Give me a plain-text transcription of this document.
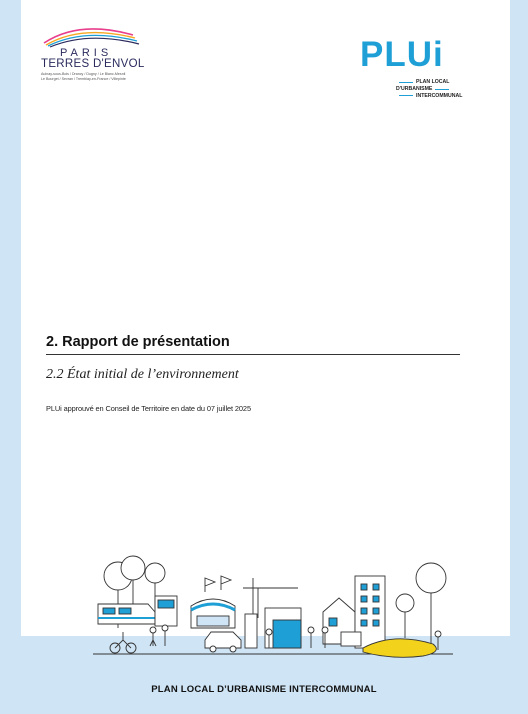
PARIS
TERRES D'ENVOL
Aulnay-sous-Bois / Drancy / Dugny / Le Blanc-Mesnil
Le Bourget / Sevran / Tremblay-en-France / Villepinte
PLUi
PLAN LOCAL
D'URBANISME
INTERCOMMUNAL
2. Rapport de présentation
2.2 État initial de l’environnement
PLUi approuvé en Conseil de Territoire en date du 07 juillet 2025
PLAN LOCAL D’URBANISME INTERCOMMUNAL
